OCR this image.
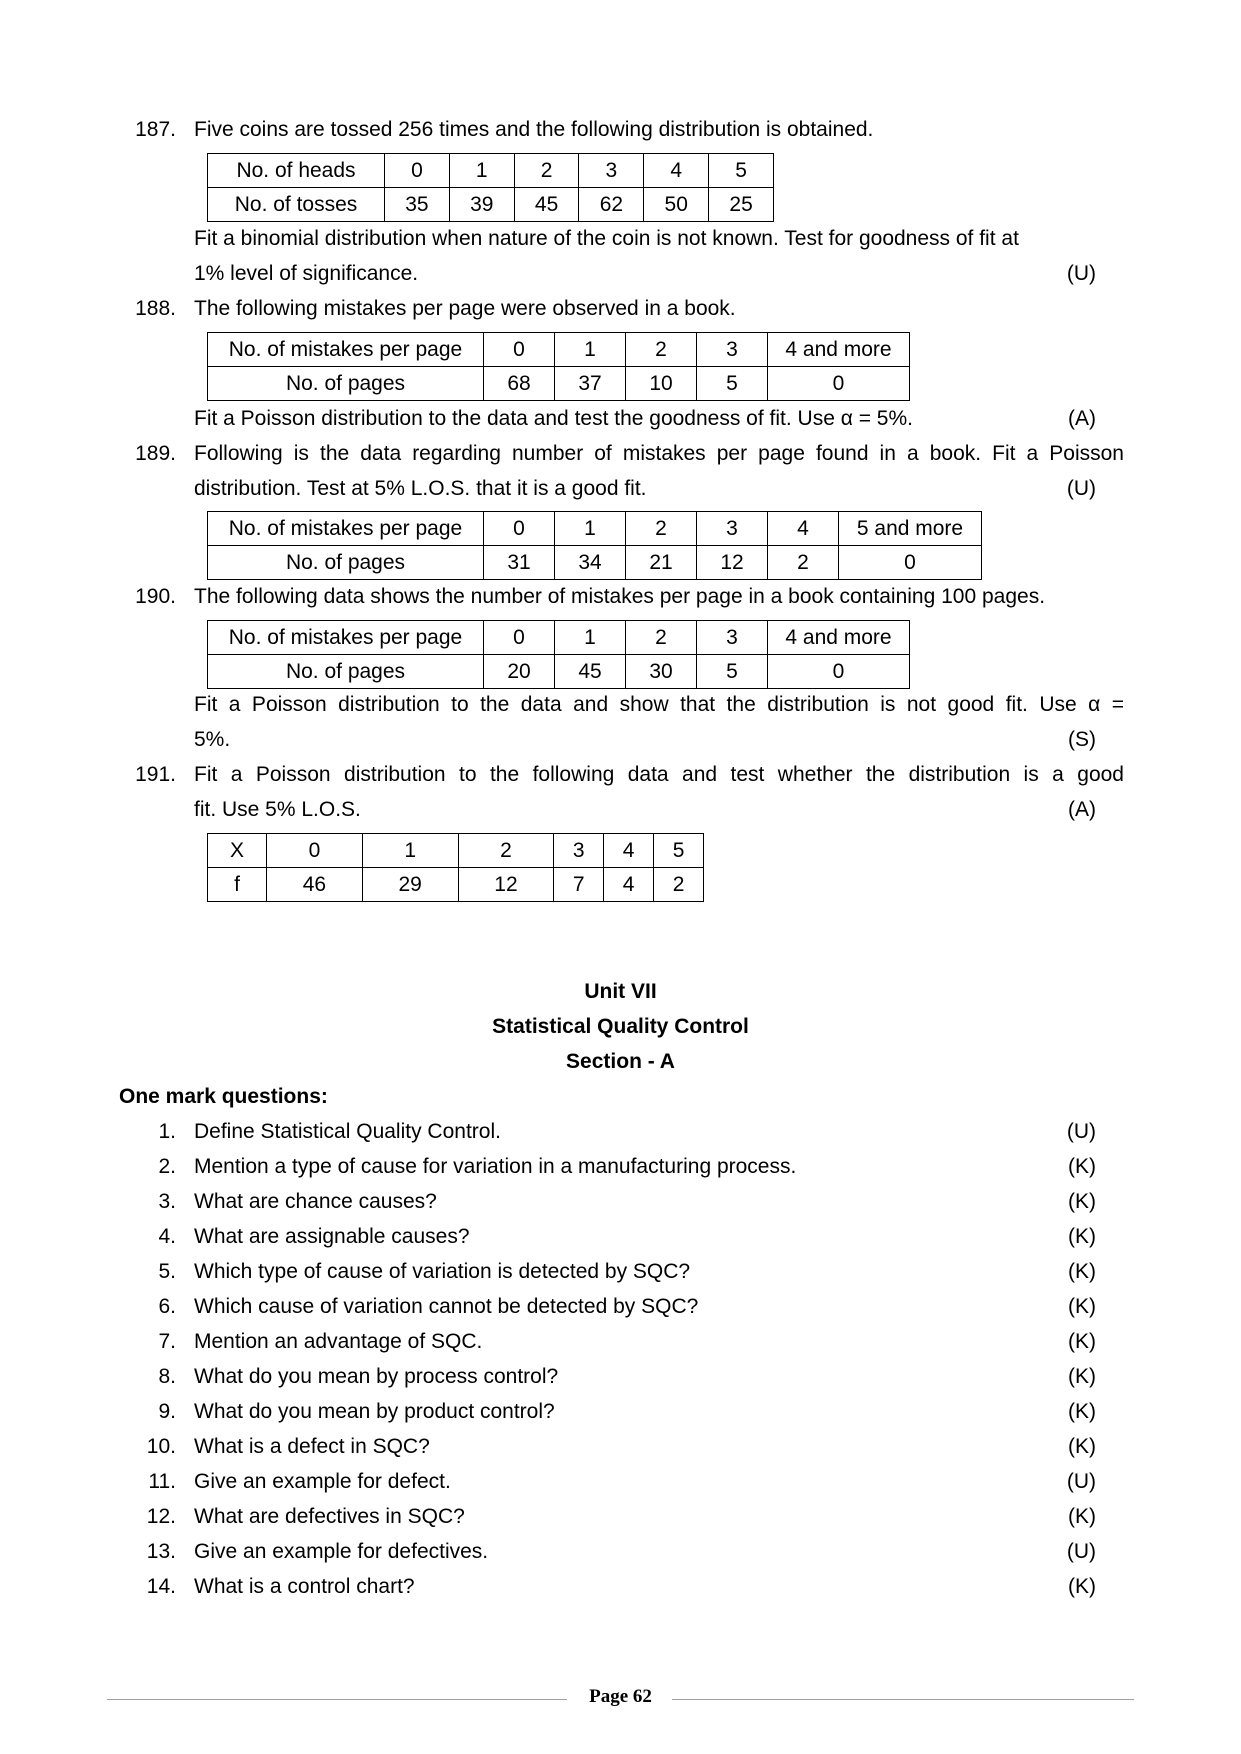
187. Five coins are tossed 256 times and the following distribution is obtained.
No. of heads	0	1	2	3	4	5
No. of tosses	35	39	45	62	50	25
Fit a binomial distribution when nature of the coin is not known. Test for goodness of fit at
1% level of significance.	(U)
188. The following mistakes per page were observed in a book.
No. of mistakes per page	0	1	2	3	4 and more
No. of pages	68	37	10	5	0
Fit a Poisson distribution to the data and test the goodness of fit. Use α = 5%.	(A)
189. Following is the data regarding number of mistakes per page found in a book. Fit a Poisson
distribution. Test at 5% L.O.S. that it is a good fit.	(U)
No. of mistakes per page	0	1	2	3	4	5 and more
No. of pages	31	34	21	12	2	0
190. The following data shows the number of mistakes per page in a book containing 100 pages.
No. of mistakes per page	0	1	2	3	4 and more
No. of pages	20	45	30	5	0
Fit a Poisson distribution to the data and show that the distribution is not good fit. Use α =
5%.	(S)
191. Fit a Poisson distribution to the following data and test whether the distribution is a good
fit. Use 5% L.O.S.	(A)
X	0	1	2	3	4	5
f	46	29	12	7	4	2
Unit VII
Statistical Quality Control
Section - A
One mark questions:
1. Define Statistical Quality Control.	(U)
2. Mention a type of cause for variation in a manufacturing process.	(K)
3. What are chance causes?	(K)
4. What are assignable causes?	(K)
5. Which type of cause of variation is detected by SQC?	(K)
6. Which cause of variation cannot be detected by SQC?	(K)
7. Mention an advantage of SQC.	(K)
8. What do you mean by process control?	(K)
9. What do you mean by product control?	(K)
10. What is a defect in SQC?	(K)
11. Give an example for defect.	(U)
12. What are defectives in SQC?	(K)
13. Give an example for defectives.	(U)
14. What is a control chart?	(K)
Page 62
